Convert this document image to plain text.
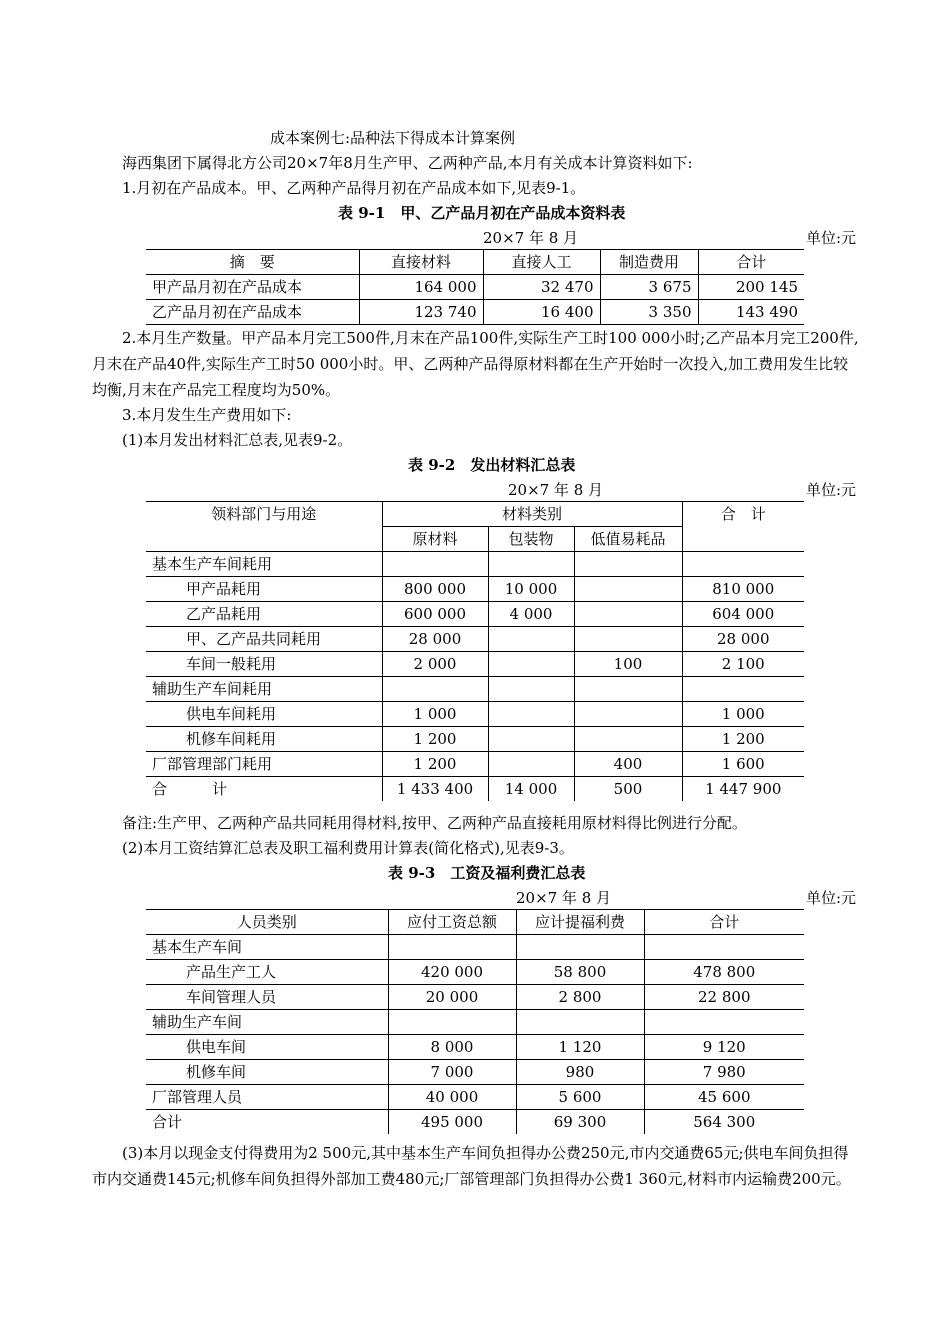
成本案例七:品种法下得成本计算案例
海西集团下属得北方公司20×7年8月生产甲、乙两种产品,本月有关成本计算资料如下:
1.月初在产品成本。甲、乙两种产品得月初在产品成本如下,见表9-1。
表 9-1　甲、乙产品月初在产品成本资料表
20×7 年 8 月	单位:元
摘　要	直接材料	直接人工	制造费用	合计
甲产品月初在产品成本	164 000	32 470	3 675	200 145
乙产品月初在产品成本	123 740	16 400	3 350	143 490
2.本月生产数量。甲产品本月完工500件,月末在产品100件,实际生产工时100 000小时;乙产品本月完工200件,月末在产品40件,实际生产工时50 000小时。甲、乙两种产品得原材料都在生产开始时一次投入,加工费用发生比较均衡,月末在产品完工程度均为50%。
3.本月发生生产费用如下:
(1)本月发出材料汇总表,见表9-2。
表 9-2　发出材料汇总表
20×7 年 8 月	单位:元
领料部门与用途	材料类别			合　计
	原材料	包装物	低值易耗品	
基本生产车间耗用				
甲产品耗用	800 000	10 000		810 000
乙产品耗用	600 000	4 000		604 000
甲、乙产品共同耗用	28 000			28 000
车间一般耗用	2 000		100	2 100
辅助生产车间耗用				
供电车间耗用	1 000			1 000
机修车间耗用	1 200			1 200
厂部管理部门耗用	1 200		400	1 600
合　　　计	1 433 400	14 000	500	1 447 900
备注:生产甲、乙两种产品共同耗用得材料,按甲、乙两种产品直接耗用原材料得比例进行分配。
(2)本月工资结算汇总表及职工福利费用计算表(简化格式),见表9-3。
表 9-3　工资及福利费汇总表
20×7 年 8 月	单位:元
人员类别	应付工资总额	应计提福利费	合计
基本生产车间			
产品生产工人	420 000	58 800	478 800
车间管理人员	20 000	2 800	22 800
辅助生产车间			
供电车间	8 000	1 120	9 120
机修车间	7 000	980	7 980
厂部管理人员	40 000	5 600	45 600
合计	495 000	69 300	564 300
(3)本月以现金支付得费用为2 500元,其中基本生产车间负担得办公费250元,市内交通费65元;供电车间负担得市内交通费145元;机修车间负担得外部加工费480元;厂部管理部门负担得办公费1 360元,材料市内运输费200元。
